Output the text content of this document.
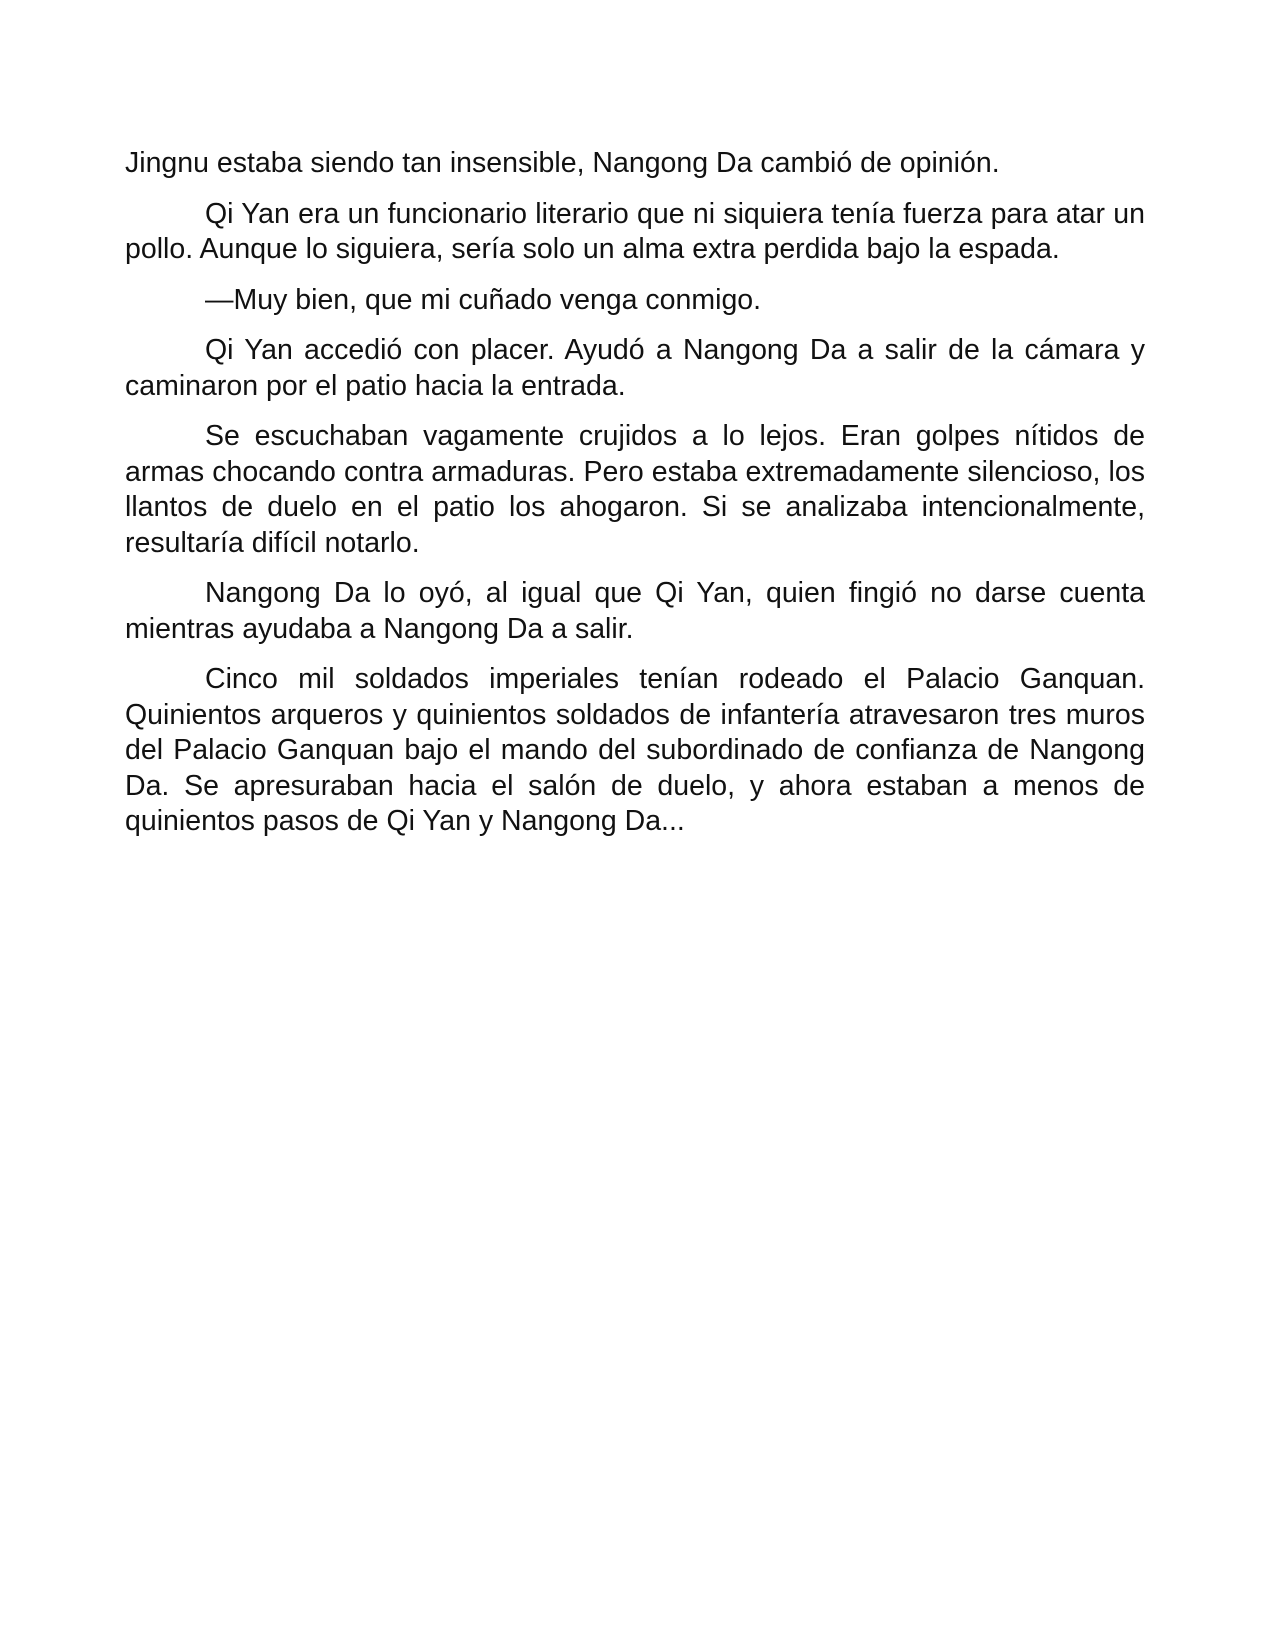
Jingnu estaba siendo tan insensible, Nangong Da cambió de opinión.

Qi Yan era un funcionario literario que ni siquiera tenía fuerza para atar un pollo. Aunque lo siguiera, sería solo un alma extra perdida bajo la espada.

—Muy bien, que mi cuñado venga conmigo.

Qi Yan accedió con placer. Ayudó a Nangong Da a salir de la cámara y caminaron por el patio hacia la entrada.

Se escuchaban vagamente crujidos a lo lejos. Eran golpes nítidos de armas chocando contra armaduras. Pero estaba extremadamente silencioso, los llantos de duelo en el patio los ahogaron. Si se analizaba intencionalmente, resultaría difícil notarlo.

Nangong Da lo oyó, al igual que Qi Yan, quien fingió no darse cuenta mientras ayudaba a Nangong Da a salir.

Cinco mil soldados imperiales tenían rodeado el Palacio Ganquan. Quinientos arqueros y quinientos soldados de infantería atravesaron tres muros del Palacio Ganquan bajo el mando del subordinado de confianza de Nangong Da. Se apresuraban hacia el salón de duelo, y ahora estaban a menos de quinientos pasos de Qi Yan y Nangong Da...
